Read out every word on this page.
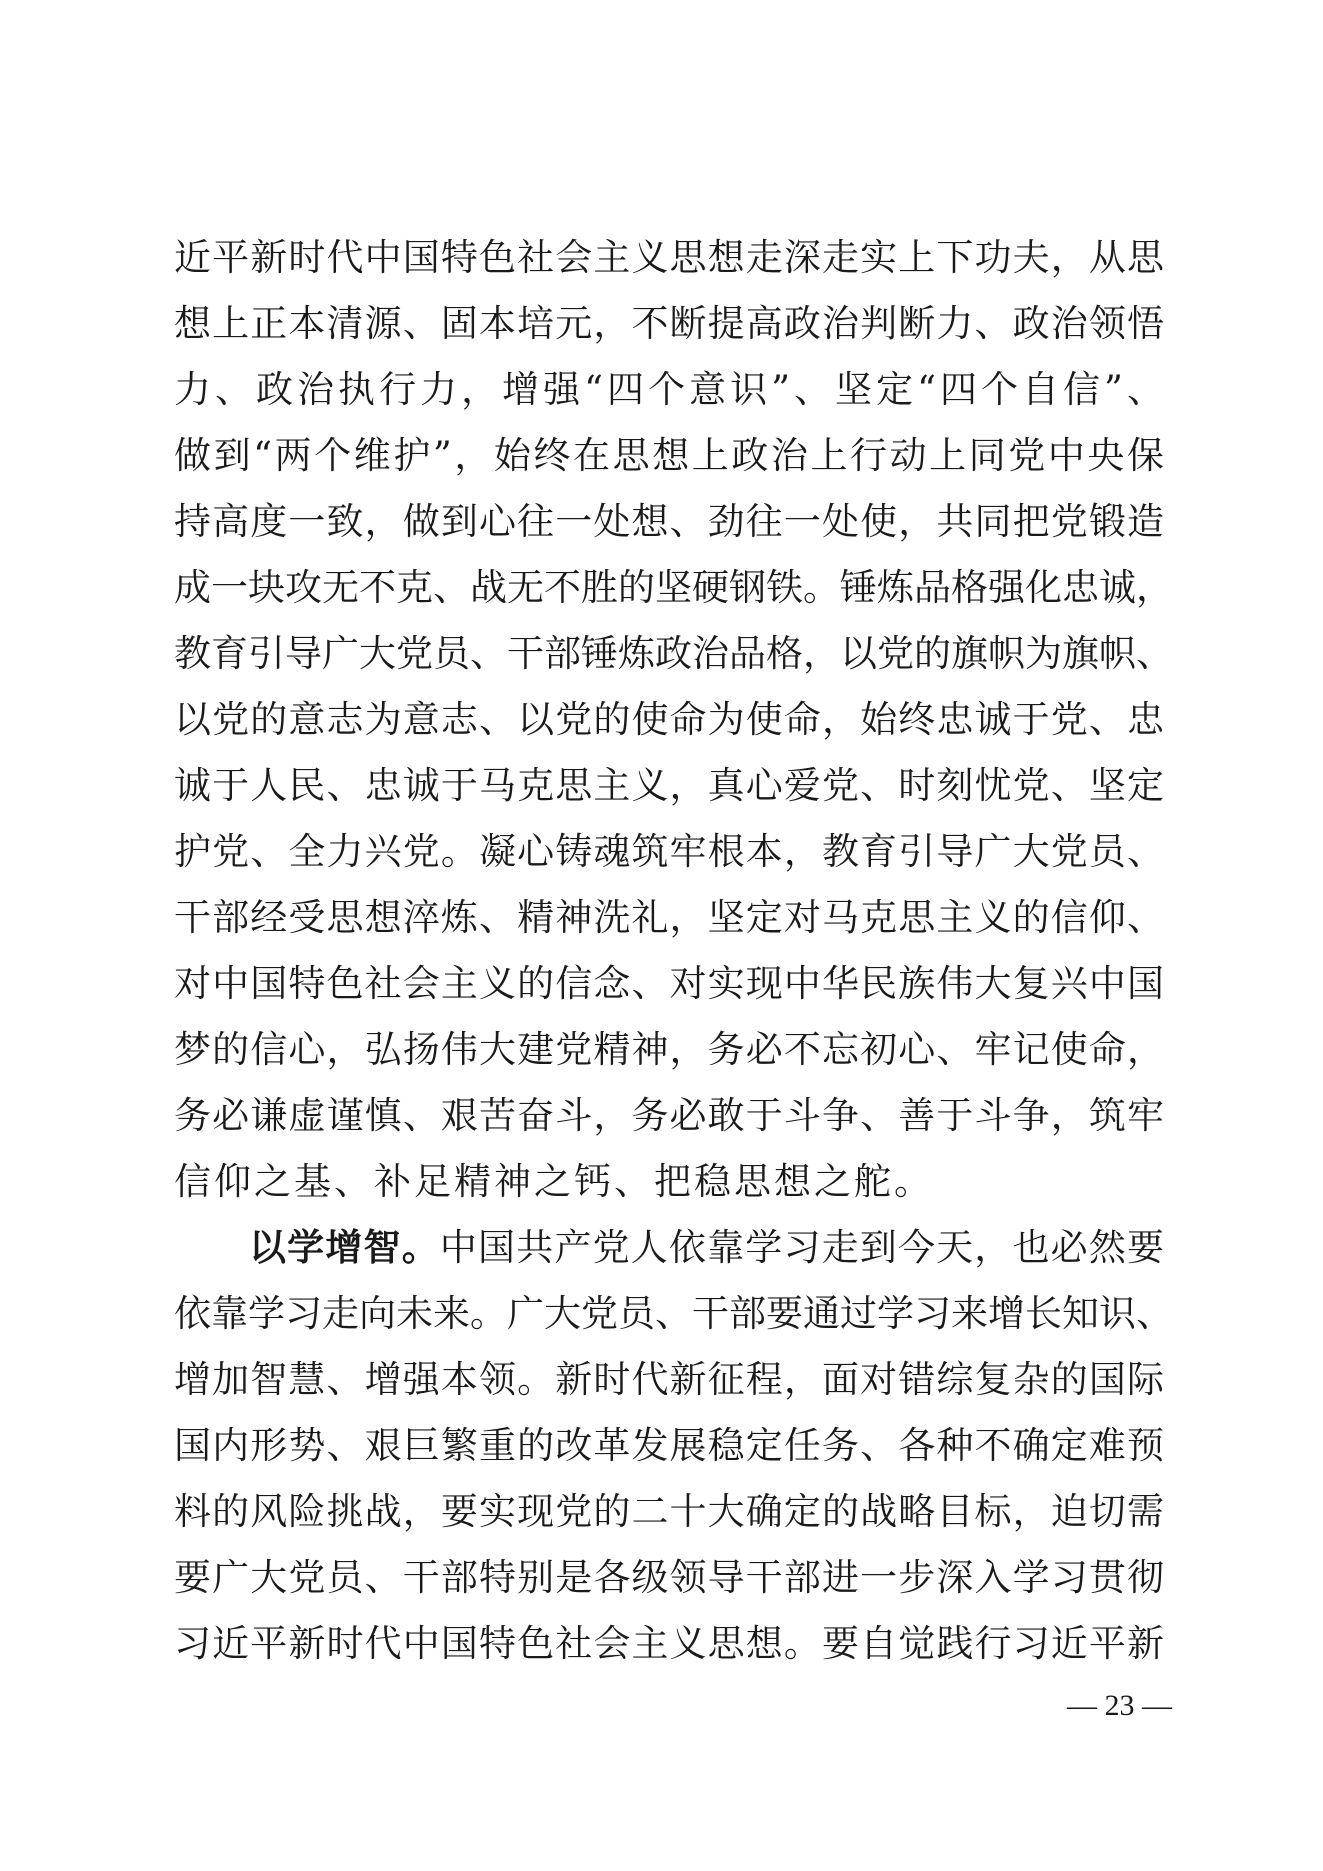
近平新时代中国特色社会主义思想走深走实上下功夫，从思
想上正本清源、固本培元，不断提高政治判断力、政治领悟
力、政治执行力，增强“四个意识”、坚定“四个自信”、
做到“两个维护”，始终在思想上政治上行动上同党中央保
持高度一致，做到心往一处想、劲往一处使，共同把党锻造
成一块攻无不克、战无不胜的坚硬钢铁。锤炼品格强化忠诚，
教育引导广大党员、干部锤炼政治品格，以党的旗帜为旗帜、
以党的意志为意志、以党的使命为使命，始终忠诚于党、忠
诚于人民、忠诚于马克思主义，真心爱党、时刻忧党、坚定
护党、全力兴党。凝心铸魂筑牢根本，教育引导广大党员、
干部经受思想淬炼、精神洗礼，坚定对马克思主义的信仰、
对中国特色社会主义的信念、对实现中华民族伟大复兴中国
梦的信心，弘扬伟大建党精神，务必不忘初心、牢记使命，
务必谦虚谨慎、艰苦奋斗，务必敢于斗争、善于斗争，筑牢
信仰之基、补足精神之钙、把稳思想之舵。
以学增智。中国共产党人依靠学习走到今天，也必然要
依靠学习走向未来。广大党员、干部要通过学习来增长知识、
增加智慧、增强本领。新时代新征程，面对错综复杂的国际
国内形势、艰巨繁重的改革发展稳定任务、各种不确定难预
料的风险挑战，要实现党的二十大确定的战略目标，迫切需
要广大党员、干部特别是各级领导干部进一步深入学习贯彻
习近平新时代中国特色社会主义思想。要自觉践行习近平新
— 23 —
